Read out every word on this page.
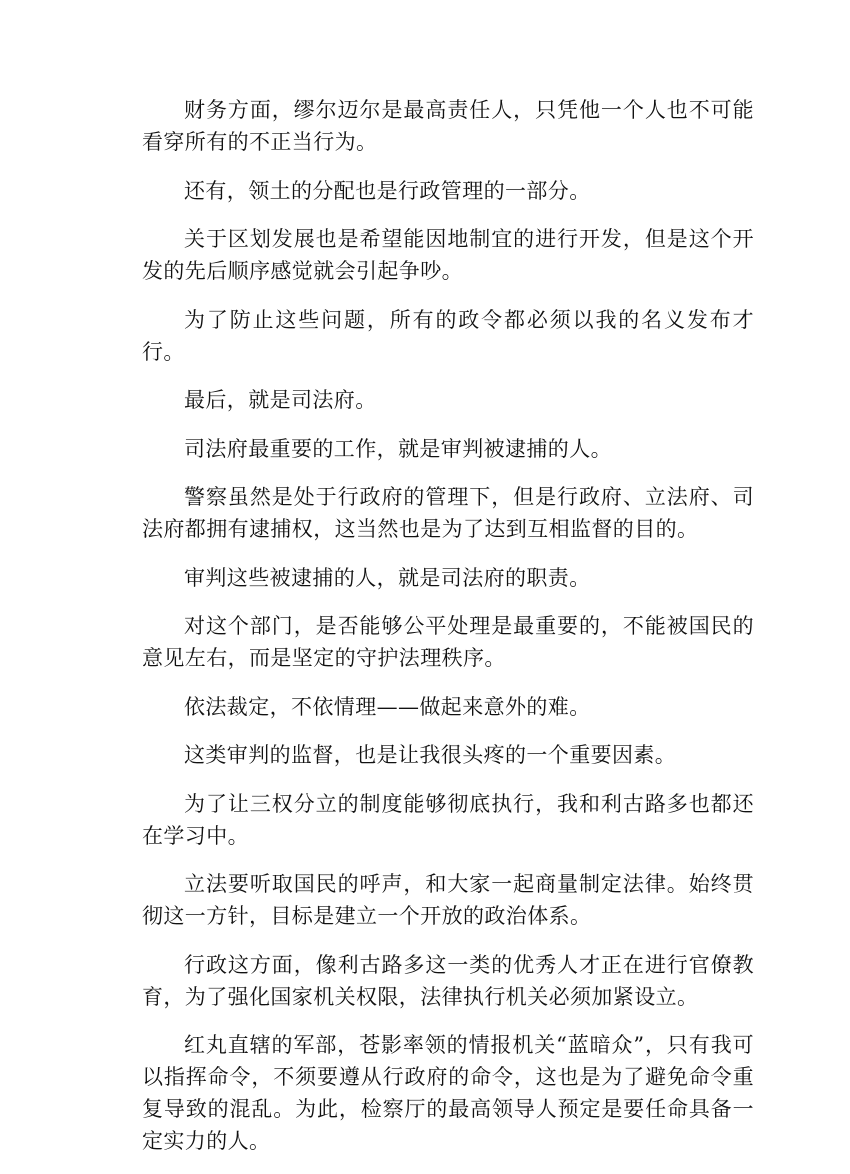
财务方面，缪尔迈尔是最高责任人，只凭他一个人也不可能看穿所有的不正当行为。

还有，领土的分配也是行政管理的一部分。

关于区划发展也是希望能因地制宜的进行开发，但是这个开发的先后顺序感觉就会引起争吵。

为了防止这些问题，所有的政令都必须以我的名义发布才行。

最后，就是司法府。

司法府最重要的工作，就是审判被逮捕的人。

警察虽然是处于行政府的管理下，但是行政府、立法府、司法府都拥有逮捕权，这当然也是为了达到互相监督的目的。

审判这些被逮捕的人，就是司法府的职责。

对这个部门，是否能够公平处理是最重要的，不能被国民的意见左右，而是坚定的守护法理秩序。

依法裁定，不依情理——做起来意外的难。

这类审判的监督，也是让我很头疼的一个重要因素。

为了让三权分立的制度能够彻底执行，我和利古路多也都还在学习中。

立法要听取国民的呼声，和大家一起商量制定法律。始终贯彻这一方针，目标是建立一个开放的政治体系。

行政这方面，像利古路多这一类的优秀人才正在进行官僚教育，为了强化国家机关权限，法律执行机关必须加紧设立。

红丸直辖的军部，苍影率领的情报机关“蓝暗众”，只有我可以指挥命令，不须要遵从行政府的命令，这也是为了避免命令重复导致的混乱。为此，检察厅的最高领导人预定是要任命具备一定实力的人。
